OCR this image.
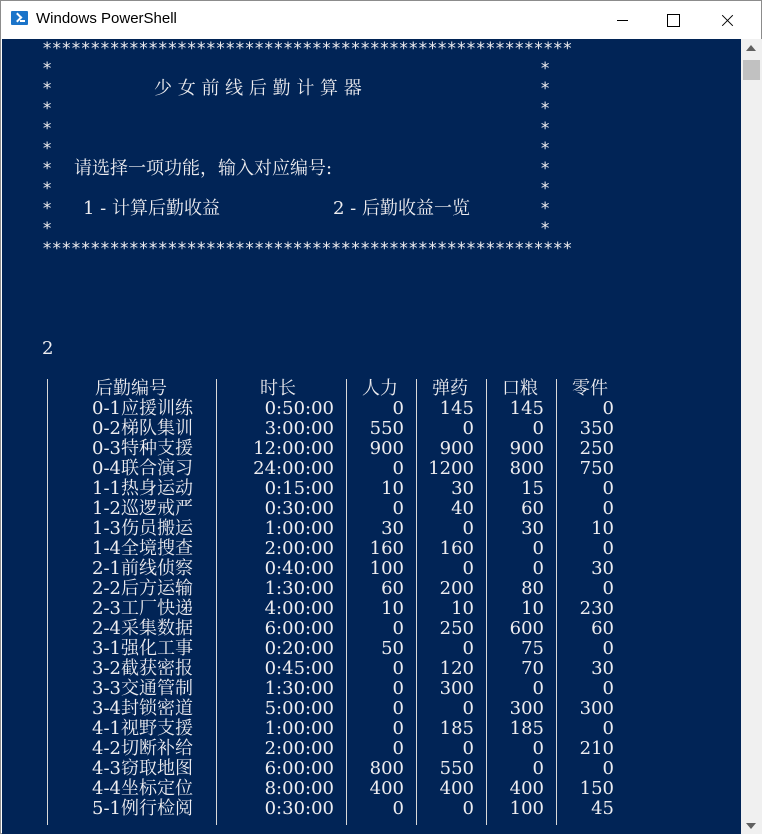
Windows PowerShell
*******************************************************
*	*
*	*
少 女 前 线 后 勤 计 算 器
*	*
*	*
*	*
*	*
请选择一项功能，输入对应编号:
*	*
*	*
1 - 计算后勤收益	2 - 后勤收益一览
*	*
*******************************************************
2
后勤编号	时长	人力	弹药	口粮	零件
0-1应援训练	0:50:00	0	145	145	0
0-2梯队集训	3:00:00	550	0	0	350
0-3特种支援	12:00:00	900	900	900	250
0-4联合演习	24:00:00	0	1200	800	750
1-1热身运动	0:15:00	10	30	15	0
1-2巡逻戒严	0:30:00	0	40	60	0
1-3伤员搬运	1:00:00	30	0	30	10
1-4全境搜查	2:00:00	160	160	0	0
2-1前线侦察	0:40:00	100	0	0	30
2-2后方运输	1:30:00	60	200	80	0
2-3工厂快递	4:00:00	10	10	10	230
2-4采集数据	6:00:00	0	250	600	60
3-1强化工事	0:20:00	50	0	75	0
3-2截获密报	0:45:00	0	120	70	30
3-3交通管制	1:30:00	0	300	0	0
3-4封锁密道	5:00:00	0	0	300	300
4-1视野支援	1:00:00	0	185	185	0
4-2切断补给	2:00:00	0	0	0	210
4-3窃取地图	6:00:00	800	550	0	0
4-4坐标定位	8:00:00	400	400	400	150
5-1例行检阅	0:30:00	0	0	100	45
